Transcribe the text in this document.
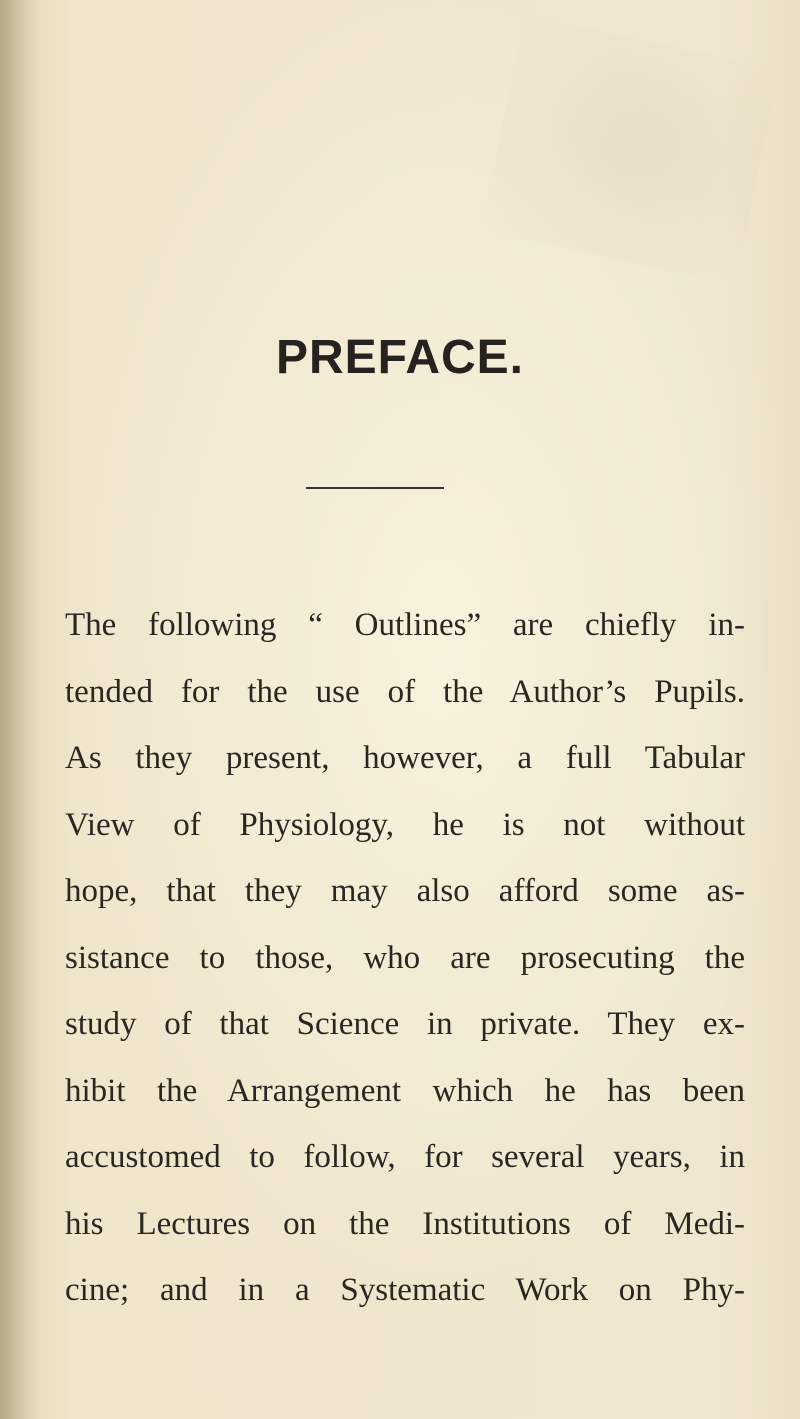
PREFACE.
The following “ Outlines” are chiefly in-
tended for the use of the Author’s Pupils.
As they present, however, a full Tabular
View of Physiology, he is not without
hope, that they may also afford some as-
sistance to those, who are prosecuting the
study of that Science in private. They ex-
hibit the Arrangement which he has been
accustomed to follow, for several years, in
his Lectures on the Institutions of Medi-
cine; and in a Systematic Work on Phy-
